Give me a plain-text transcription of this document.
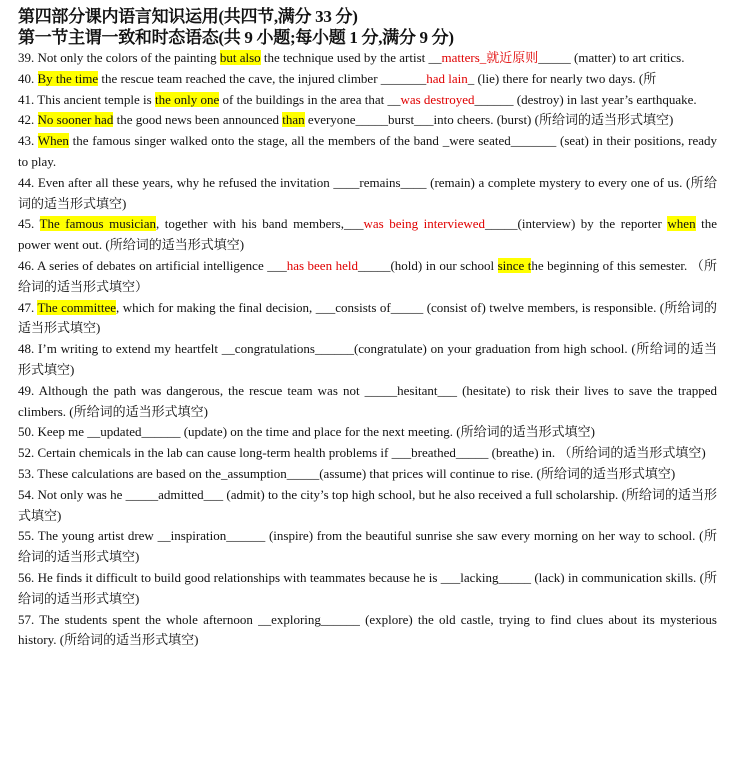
第四部分课内语言知识运用(共四节,满分 33 分)
第一节主谓一致和时态语态(共 9 小题;每小题 1 分,满分 9 分)

39. Not only the colors of the painting but also the technique used by the artist __matters_就近原则_____ (matter) to art critics.

40. By the time the rescue team reached the cave, the injured climber _______had lain_ (lie) there for nearly two days. (所

41. This ancient temple is the only one of the buildings in the area that __was destroyed______ (destroy) in last year’s earthquake.

42. No sooner had the good news been announced than everyone_____burst___into cheers. (burst) (所给词的适当形式填空)

43. When the famous singer walked onto the stage, all the members of the band _were seated_______ (seat) in their positions, ready to play.

44. Even after all these years, why he refused the invitation ____remains____ (remain) a complete mystery to every one of us. (所给词的适当形式填空)

45. The famous musician, together with his band members,___was being interviewed_____(interview) by the reporter when the power went out. (所给词的适当形式填空)

46. A series of debates on artificial intelligence ___has been held_____(hold) in our school since the beginning of this semester. （所给词的适当形式填空）

47. The committee, which for making the final decision, ___consists of_____ (consist of) twelve members, is responsible. (所给词的适当形式填空)

48. I’m writing to extend my heartfelt __congratulations______(congratulate) on your graduation from high school. (所给词的适当形式填空)

49. Although the path was dangerous, the rescue team was not _____hesitant___ (hesitate) to risk their lives to save the trapped climbers. (所给词的适当形式填空)

50. Keep me __updated______ (update) on the time and place for the next meeting. (所给词的适当形式填空)

52. Certain chemicals in the lab can cause long-term health problems if ___breathed_____ (breathe) in. （所给词的适当形式填空)

53. These calculations are based on the_assumption_____(assume) that prices will continue to rise. (所给词的适当形式填空)

54. Not only was he _____admitted___ (admit) to the city’s top high school, but he also received a full scholarship. (所给词的适当形式填空)

55. The young artist drew __inspiration______ (inspire) from the beautiful sunrise she saw every morning on her way to school. (所给词的适当形式填空)

56. He finds it difficult to build good relationships with teammates because he is ___lacking_____ (lack) in communication skills. (所给词的适当形式填空)

57. The students spent the whole afternoon __exploring______ (explore) the old castle, trying to find clues about its mysterious history. (所给词的适当形式填空)
